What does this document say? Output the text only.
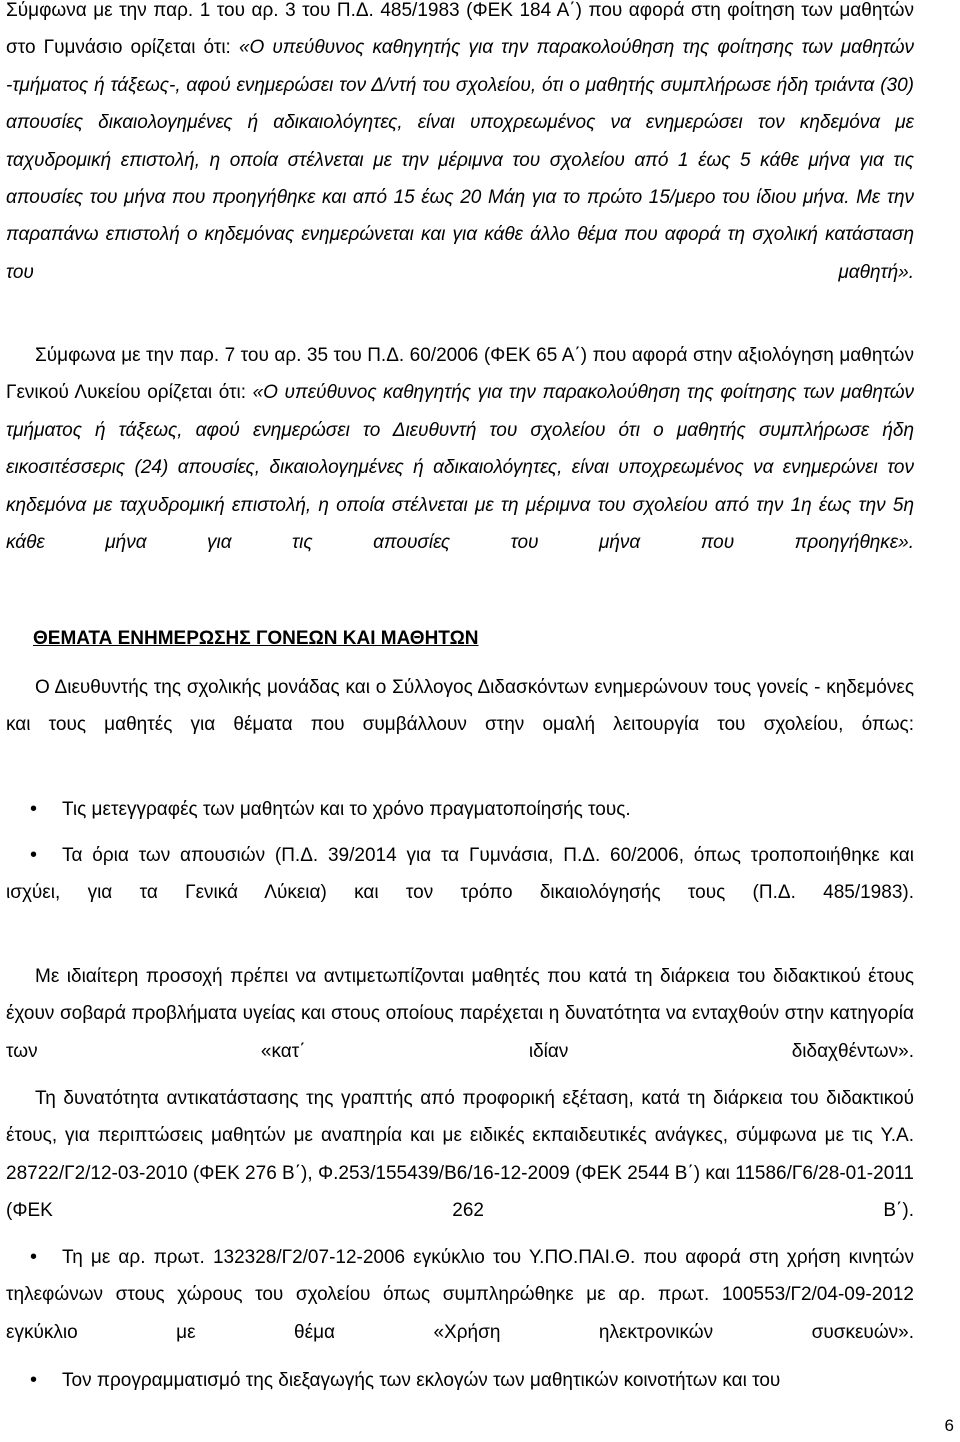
Σύμφωνα με την παρ. 1 του αρ. 3 του Π.Δ. 485/1983 (ΦΕΚ 184 Α΄) που αφορά στη φοίτηση των μαθητών στο Γυμνάσιο ορίζεται ότι: «Ο υπεύθυνος καθηγητής για την παρακολούθηση της φοίτησης των μαθητών -τμήματος ή τάξεως-, αφού ενημερώσει τον Δ/ντή του σχολείου, ότι ο μαθητής συμπλήρωσε ήδη τριάντα (30) απουσίες δικαιολογημένες ή αδικαιολόγητες, είναι υποχρεωμένος να ενημερώσει τον κηδεμόνα με ταχυδρομική επιστολή, η οποία στέλνεται με την μέριμνα του σχολείου από 1 έως 5 κάθε μήνα για τις απουσίες του μήνα που προηγήθηκε και από 15 έως 20 Μάη για το πρώτο 15/μερο του ίδιου μήνα. Με την παραπάνω επιστολή ο κηδεμόνας ενημερώνεται και για κάθε άλλο θέμα που αφορά τη σχολική κατάσταση του μαθητή».

Σύμφωνα με την παρ. 7 του αρ. 35 του Π.Δ. 60/2006 (ΦΕΚ 65 Α΄) που αφορά στην αξιολόγηση μαθητών Γενικού Λυκείου ορίζεται ότι: «Ο υπεύθυνος καθηγητής για την παρακολούθηση της φοίτησης των μαθητών τμήματος ή τάξεως, αφού ενημερώσει το Διευθυντή του σχολείου ότι ο μαθητής συμπλήρωσε ήδη εικοσιτέσσερις (24) απουσίες, δικαιολογημένες ή αδικαιολόγητες, είναι υποχρεωμένος να ενημερώνει τον κηδεμόνα με ταχυδρομική επιστολή, η οποία στέλνεται με τη μέριμνα του σχολείου από την 1η έως την 5η κάθε μήνα για τις απουσίες του μήνα που προηγήθηκε».

ΘΕΜΑΤΑ ΕΝΗΜΕΡΩΣΗΣ ΓΟΝΕΩΝ ΚΑΙ ΜΑΘΗΤΩΝ

Ο Διευθυντής της σχολικής μονάδας και ο Σύλλογος Διδασκόντων ενημερώνουν τους γονείς - κηδεμόνες και τους μαθητές για θέματα που συμβάλλουν στην ομαλή λειτουργία του σχολείου, όπως:

•	Τις μετεγγραφές των μαθητών και το χρόνο πραγματοποίησής τους.

•	Τα όρια των απουσιών (Π.Δ. 39/2014 για τα Γυμνάσια, Π.Δ. 60/2006, όπως τροποποιήθηκε και ισχύει, για τα Γενικά Λύκεια) και τον τρόπο δικαιολόγησής τους (Π.Δ. 485/1983).

Με ιδιαίτερη προσοχή πρέπει να αντιμετωπίζονται μαθητές που κατά τη διάρκεια του διδακτικού έτους έχουν σοβαρά προβλήματα υγείας και στους οποίους παρέχεται η δυνατότητα να ενταχθούν στην κατηγορία των «κατ΄ ιδίαν διδαχθέντων».

Τη δυνατότητα αντικατάστασης της γραπτής από προφορική εξέταση, κατά τη διάρκεια του διδακτικού έτους, για περιπτώσεις μαθητών με αναπηρία και με ειδικές εκπαιδευτικές ανάγκες, σύμφωνα με τις Υ.Α. 28722/Γ2/12-03-2010 (ΦΕΚ 276 Β΄), Φ.253/155439/Β6/16-12-2009 (ΦΕΚ 2544 Β΄) και 11586/Γ6/28-01-2011 (ΦΕΚ 262 Β΄).

•	Τη με αρ. πρωτ. 132328/Γ2/07-12-2006 εγκύκλιο του Υ.ΠΟ.ΠΑΙ.Θ. που αφορά στη χρήση κινητών τηλεφώνων στους χώρους του σχολείου όπως συμπληρώθηκε με αρ. πρωτ. 100553/Γ2/04-09-2012 εγκύκλιο με θέμα «Χρήση ηλεκτρονικών συσκευών».

•	Τον προγραμματισμό της διεξαγωγής των εκλογών των μαθητικών κοινοτήτων και του

6
